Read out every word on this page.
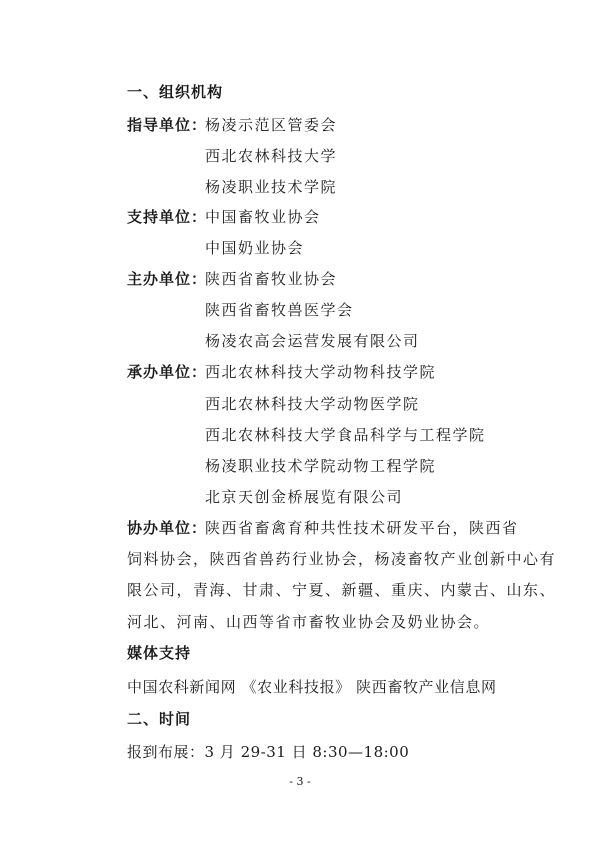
一、组织机构
指导单位：
杨凌示范区管委会
西北农林科技大学
杨凌职业技术学院
支持单位：
中国畜牧业协会
中国奶业协会
主办单位：
陕西省畜牧业协会
陕西省畜牧兽医学会
杨凌农高会运营发展有限公司
承办单位：
西北农林科技大学动物科技学院
西北农林科技大学动物医学院
西北农林科技大学食品科学与工程学院
杨凌职业技术学院动物工程学院
北京天创金桥展览有限公司
协办单位：
陕西省畜禽育种共性技术研发平台，陕西省
饲料协会，陕西省兽药行业协会，杨凌畜牧产业创新中心有
限公司，青海、甘肃、宁夏、新疆、重庆、内蒙古、山东、
河北、河南、山西等省市畜牧业协会及奶业协会。
媒体支持
中国农科新闻网 《农业科技报》 陕西畜牧产业信息网
二、时间
报到布展：3 月 29-31 日 8:30—18:00
- 3 -
